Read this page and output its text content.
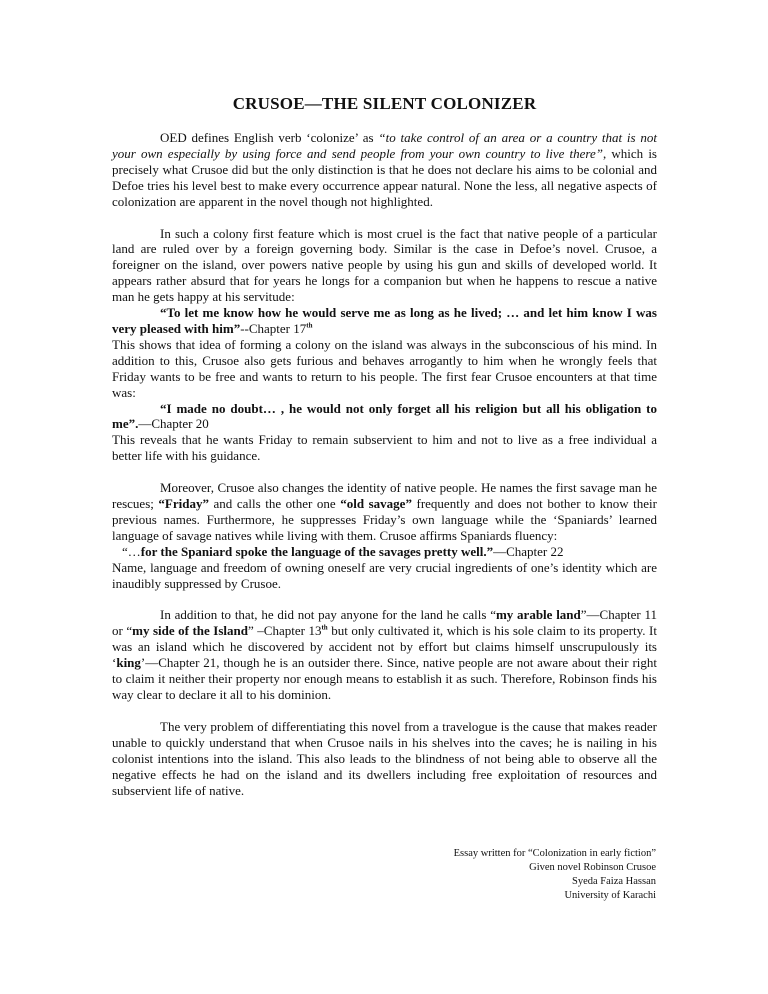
CRUSOE—THE SILENT COLONIZER

OED defines English verb ‘colonize’ as “to take control of an area or a country that is not your own especially by using force and send people from your own country to live there”, which is precisely what Crusoe did but the only distinction is that he does not declare his aims to be colonial and Defoe tries his level best to make every occurrence appear natural. None the less, all negative aspects of colonization are apparent in the novel though not highlighted.

In such a colony first feature which is most cruel is the fact that native people of a particular land are ruled over by a foreign governing body. Similar is the case in Defoe’s novel. Crusoe, a foreigner on the island, over powers native people by using his gun and skills of developed world. It appears rather absurd that for years he longs for a companion but when he happens to rescue a native man he gets happy at his servitude:

“To let me know how he would serve me as long as he lived; … and let him know I was very pleased with him”--Chapter 17th

This shows that idea of forming a colony on the island was always in the subconscious of his mind. In addition to this, Crusoe also gets furious and behaves arrogantly to him when he wrongly feels that Friday wants to be free and wants to return to his people. The first fear Crusoe encounters at that time was:

“I made no doubt… , he would not only forget all his religion but all his obligation to me”.—Chapter 20

This reveals that he wants Friday to remain subservient to him and not to live as a free individual a better life with his guidance.

Moreover, Crusoe also changes the identity of native people. He names the first savage man he rescues; “Friday” and calls the other one “old savage” frequently and does not bother to know their previous names. Furthermore, he suppresses Friday’s own language while the ‘Spaniards’ learned language of savage natives while living with them. Crusoe affirms Spaniards fluency:

“…for the Spaniard spoke the language of the savages pretty well.”—Chapter 22

Name, language and freedom of owning oneself are very crucial ingredients of one’s identity which are inaudibly suppressed by Crusoe.

In addition to that, he did not pay anyone for the land he calls “my arable land”—Chapter 11 or “my side of the Island” –Chapter 13th but only cultivated it, which is his sole claim to its property. It was an island which he discovered by accident not by effort but claims himself unscrupulously its ‘king’—Chapter 21, though he is an outsider there. Since, native people are not aware about their right to claim it neither their property nor enough means to establish it as such. Therefore, Robinson finds his way clear to declare it all to his dominion.

The very problem of differentiating this novel from a travelogue is the cause that makes reader unable to quickly understand that when Crusoe nails in his shelves into the caves; he is nailing in his colonist intentions into the island. This also leads to the blindness of not being able to observe all the negative effects he had on the island and its dwellers including free exploitation of resources and subservient life of native.

Essay written for “Colonization in early fiction”
Given novel Robinson Crusoe
Syeda Faiza Hassan
University of Karachi
